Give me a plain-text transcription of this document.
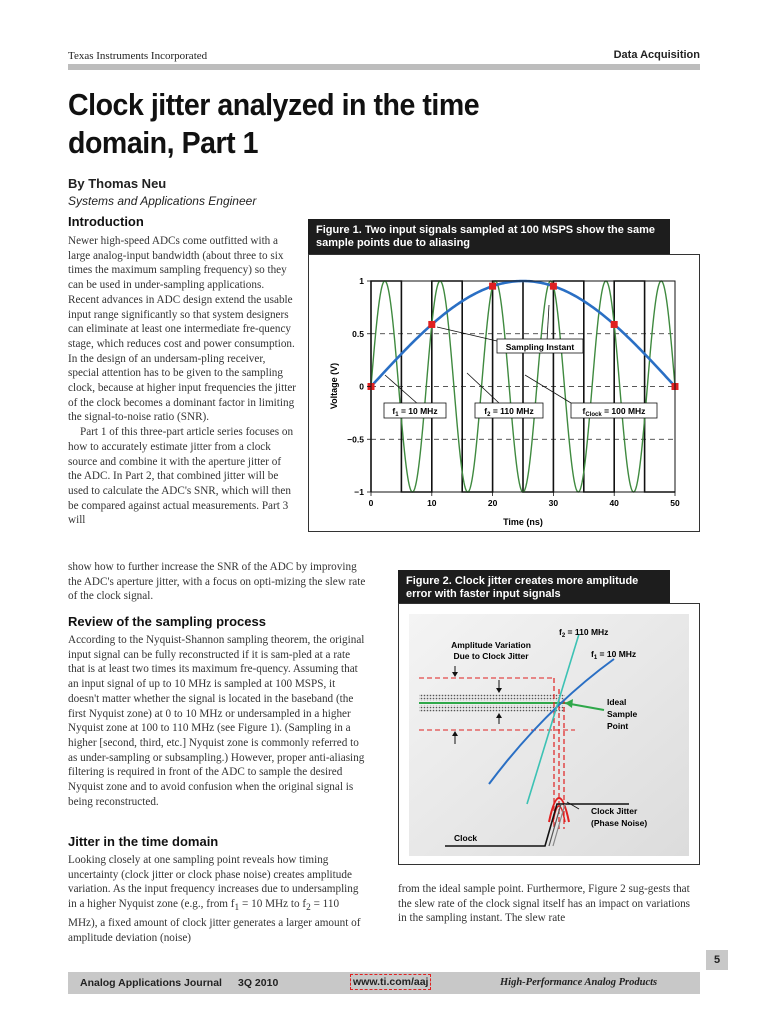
Texas Instruments Incorporated	Data Acquisition
Clock jitter analyzed in the time domain, Part 1
By Thomas Neu
Systems and Applications Engineer
Introduction

Newer high-speed ADCs come outfitted with a large analog-input bandwidth (about three to six times the maximum sampling frequency) so they can be used in under-sampling applications. Recent advances in ADC design extend the usable input range significantly so that system designers can eliminate at least one intermediate fre-quency stage, which reduces cost and power consumption. In the design of an undersam-pling receiver, special attention has to be given to the sampling clock, because at higher input frequencies the jitter of the clock becomes a dominant factor in limiting the signal-to-noise ratio (SNR).

Part 1 of this three-part article series focuses on how to accurately estimate jitter from a clock source and combine it with the aperture jitter of the ADC. In Part 2, that combined jitter will be used to calculate the ADC's SNR, which will then be compared against actual measurements. Part 3 will

show how to further increase the SNR of the ADC by improving the ADC's aperture jitter, with a focus on opti-mizing the slew rate of the clock signal.

Review of the sampling process

According to the Nyquist-Shannon sampling theorem, the original input signal can be fully reconstructed if it is sam-pled at a rate that is at least two times its maximum fre-quency. Assuming that an input signal of up to 10 MHz is sampled at 100 MSPS, it doesn't matter whether the signal is located in the baseband (the first Nyquist zone) at 0 to 10 MHz or undersampled in a higher Nyquist zone at 100 to 110 MHz (see Figure 1). (Sampling in a higher [second, third, etc.] Nyquist zone is commonly referred to as under-sampling or subsampling.) However, proper anti-aliasing filtering is required in front of the ADC to sample the desired Nyquist zone and to avoid confusion when the original signal is being reconstructed.

Jitter in the time domain

Looking closely at one sampling point reveals how timing uncertainty (clock jitter or clock phase noise) creates amplitude variation. As the input frequency increases due to undersampling in a higher Nyquist zone (e.g., from $f_1 = 10$ MHz to $f_2 = 110$ MHz), a fixed amount of clock jitter generates a larger amount of amplitude deviation (noise)

from the ideal sample point. Furthermore, Figure 2 sug-gests that the slew rate of the clock signal itself has an impact on variations in the sampling instant. The slew rate

Figure 1. Two input signals sampled at 100 MSPS show the same sample points due to aliasing
0	10	20	30	40	50
1
0.5
0
−0.5
−1
Time (ns)
Voltage (V)
Sampling Instant
$f_1 = 10$ MHz	$f_2 = 110$ MHz	$f_{Clock} = 100$ MHz
Figure 2. Clock jitter creates more amplitude error with faster input signals
Amplitude Variation
Due to Clock Jitter
$f_2 = 110$ MHz
$f_1 = 10$ MHz
Ideal
Sample
Point
Clock Jitter
(Phase Noise)
Clock
5
Analog Applications Journal 3Q 2010	www.ti.com/aaj	High-Performance Analog Products
